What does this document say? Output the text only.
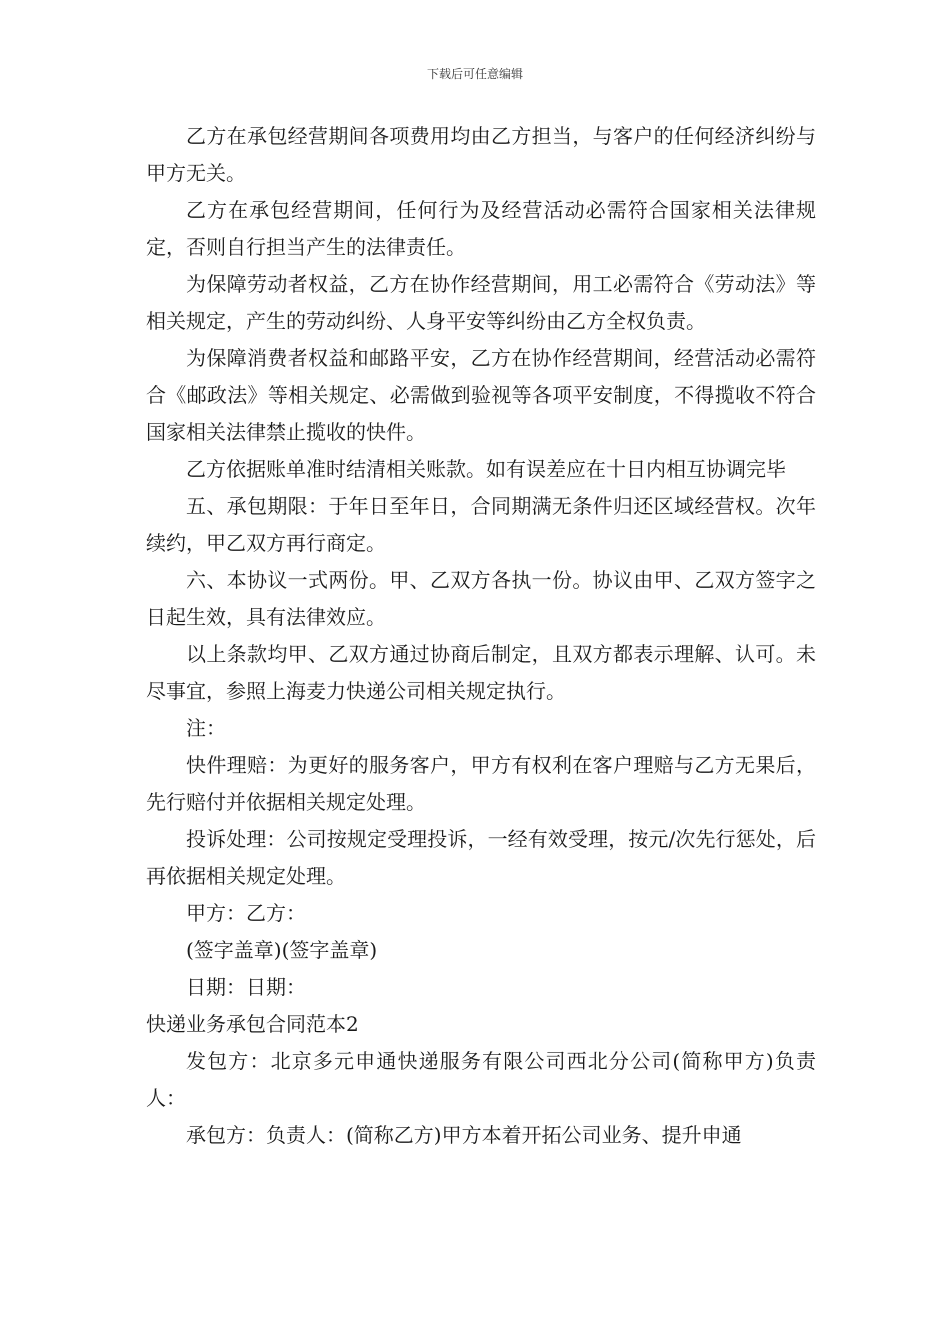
下载后可任意编辑

乙方在承包经营期间各项费用均由乙方担当，与客户的任何经济纠纷与甲方无关。

乙方在承包经营期间，任何行为及经营活动必需符合国家相关法律规定，否则自行担当产生的法律责任。

为保障劳动者权益，乙方在协作经营期间，用工必需符合《劳动法》等相关规定，产生的劳动纠纷、人身平安等纠纷由乙方全权负责。

为保障消费者权益和邮路平安，乙方在协作经营期间，经营活动必需符合《邮政法》等相关规定、必需做到验视等各项平安制度，不得揽收不符合国家相关法律禁止揽收的快件。

乙方依据账单准时结清相关账款。如有误差应在十日内相互协调完毕

五、承包期限：于年日至年日，合同期满无条件归还区域经营权。次年续约，甲乙双方再行商定。

六、本协议一式两份。甲、乙双方各执一份。协议由甲、乙双方签字之日起生效，具有法律效应。

以上条款均甲、乙双方通过协商后制定，且双方都表示理解、认可。未尽事宜，参照上海麦力快递公司相关规定执行。

注：

快件理赔：为更好的服务客户，甲方有权利在客户理赔与乙方无果后，先行赔付并依据相关规定处理。

投诉处理：公司按规定受理投诉，一经有效受理，按元/次先行惩处，后再依据相关规定处理。

甲方：乙方：

(签字盖章)(签字盖章)

日期：日期：

快递业务承包合同范本2

发包方：北京多元申通快递服务有限公司西北分公司(简称甲方)负责人：

承包方：负责人：(简称乙方)甲方本着开拓公司业务、提升申通
